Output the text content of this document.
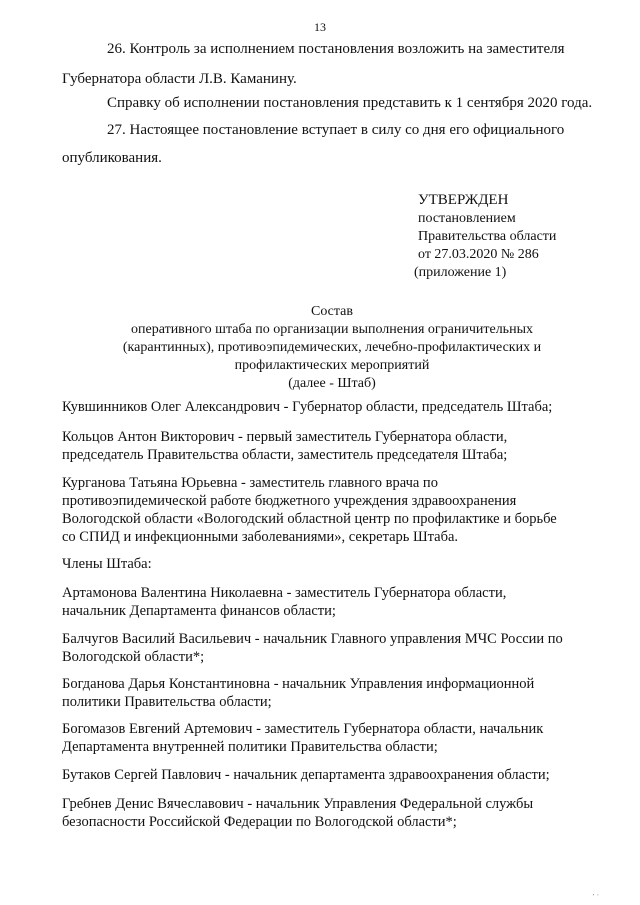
13
26. Контроль за исполнением постановления возложить на заместителя
Губернатора области Л.В. Каманину.
Справку об исполнении постановления представить к 1 сентября 2020 года.
27. Настоящее постановление вступает в силу со дня его официального
опубликования.
УТВЕРЖДЕН
постановлением
Правительства области
от 27.03.2020 № 286
(приложение 1)
Состав
оперативного штаба по организации выполнения ограничительных
(карантинных), противоэпидемических, лечебно-профилактических и
профилактических мероприятий
(далее - Штаб)
Кувшинников Олег Александрович - Губернатор области, председатель Штаба;
Кольцов Антон Викторович - первый заместитель Губернатора области,
председатель Правительства области, заместитель председателя Штаба;
Курганова Татьяна Юрьевна - заместитель главного врача по
противоэпидемической работе бюджетного учреждения здравоохранения
Вологодской области «Вологодский областной центр по профилактике и борьбе
со СПИД и инфекционными заболеваниями», секретарь Штаба.
Члены Штаба:
Артамонова Валентина Николаевна - заместитель Губернатора области,
начальник Департамента финансов области;
Балчугов Василий Васильевич - начальник Главного управления МЧС России по
Вологодской области*;
Богданова Дарья Константиновна - начальник Управления информационной
политики Правительства области;
Богомазов Евгений Артемович - заместитель Губернатора области, начальник
Департамента внутренней политики Правительства области;
Бутаков Сергей Павлович - начальник департамента здравоохранения области;
Гребнев Денис Вячеславович - начальник Управления Федеральной службы
безопасности Российской Федерации по Вологодской области*;
᾿ ˈ
